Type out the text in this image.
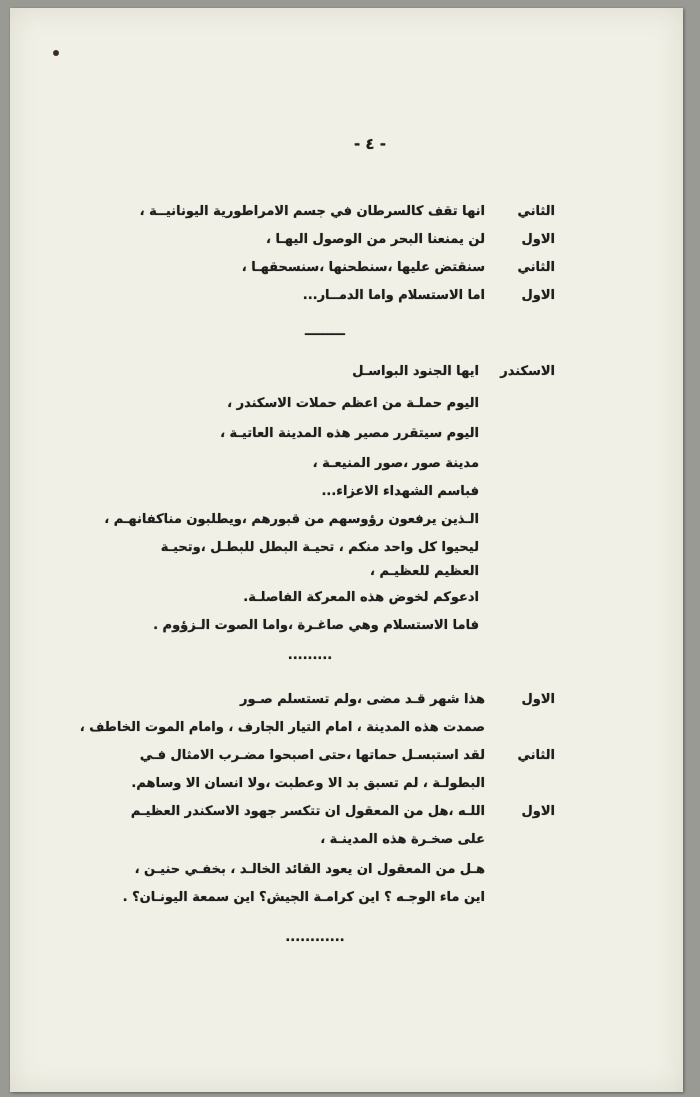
- ٤ -
الثاني
انها تقف كالسرطان في جسم الامراطورية اليونانيــة ،
الاول
لن يمنعنا البحر من الوصول اليهـا ،
الثاني
سنقتض عليها ،سنطحنها ،سنسحقهـا ،
الاول
اما الاستسلام واما الدمــار...
ـــــــــ
الاسكندر
ايها الجنود البواسـل
اليوم حملـة من اعظم حملات الاسكندر ،
اليوم سيتقرر مصير هذه المدينة العاتيـة ،
مدينة صور ،صور المنيعـة ،
فباسم الشهداء الاعزاء...
الـذين يرفعون رؤوسهم من قبورهم ،ويطلبون مناكفانهـم ،
ليحيوا كل واحد منكم ، تحيـة البطل للبطـل ،وتحيـة
العظيم للعظيـم ،
ادعوكم لخوض هذه المعركة الفاصلـة.
فاما الاستسلام وهي صاغـرة ،واما الصوت الـزؤوم .
.........
الاول
هذا شهر قـد مضى ،ولم تستسلم صـور
صمدت هذه المدينة ، امام التيار الجارف ، وامام الموت الخاطف ،
الثاني
لقد استبسـل حماتها ،حتى اصبحوا مضـرب الامثال فـي
البطولـة ، لم تسبق بد الا وعطبت ،ولا انسان الا وساهم.
الاول
اللـه ،هل من المعقول ان تتكسر جهود الاسكندر العظيـم
على صخـرة هذه المدينـة ،
هـل من المعقول ان يعود القائد الخالـد ، بخفـي حنيـن ،
اين ماء الوجـه ؟ اين كرامـة الجيش؟ اين سمعة اليونـان؟ .
............
